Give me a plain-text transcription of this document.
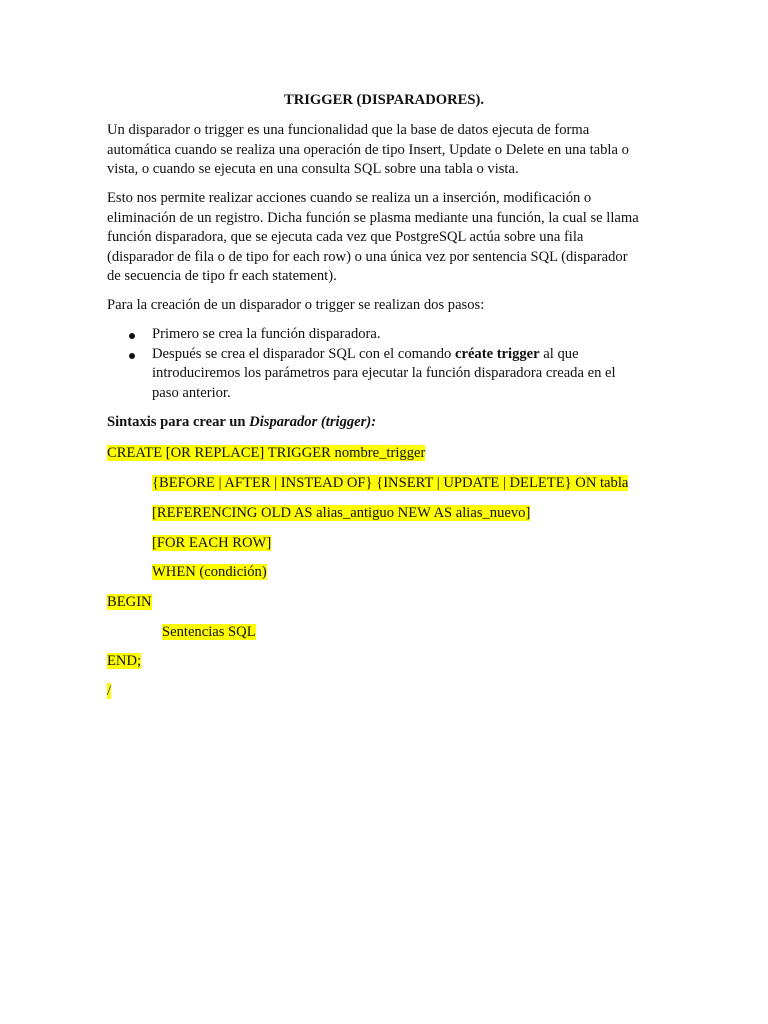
TRIGGER (DISPARADORES).
Un disparador o trigger es una funcionalidad que la base de datos ejecuta de forma
automática cuando se realiza una operación de tipo Insert, Update o Delete en una tabla o
vista, o cuando se ejecuta en una consulta SQL sobre una tabla o vista.
Esto nos permite realizar acciones cuando se realiza un a inserción, modificación o
eliminación de un registro. Dicha función se plasma mediante una función, la cual se llama
función disparadora, que se ejecuta cada vez que PostgreSQL actúa sobre una fila
(disparador de fila o de tipo for each row) o una única vez por sentencia SQL (disparador
de secuencia de tipo fr each statement).
Para la creación de un disparador o trigger se realizan dos pasos:
Primero se crea la función disparadora.
Después se crea el disparador SQL con el comando créate trigger al que
introduciremos los parámetros para ejecutar la función disparadora creada en el
paso anterior.
Sintaxis para crear un Disparador (trigger):
CREATE [OR REPLACE] TRIGGER nombre_trigger
{BEFORE | AFTER | INSTEAD OF} {INSERT | UPDATE | DELETE} ON tabla
[REFERENCING OLD AS alias_antiguo NEW AS alias_nuevo]
[FOR EACH ROW]
WHEN (condición)
BEGIN
Sentencias SQL
END;
/
